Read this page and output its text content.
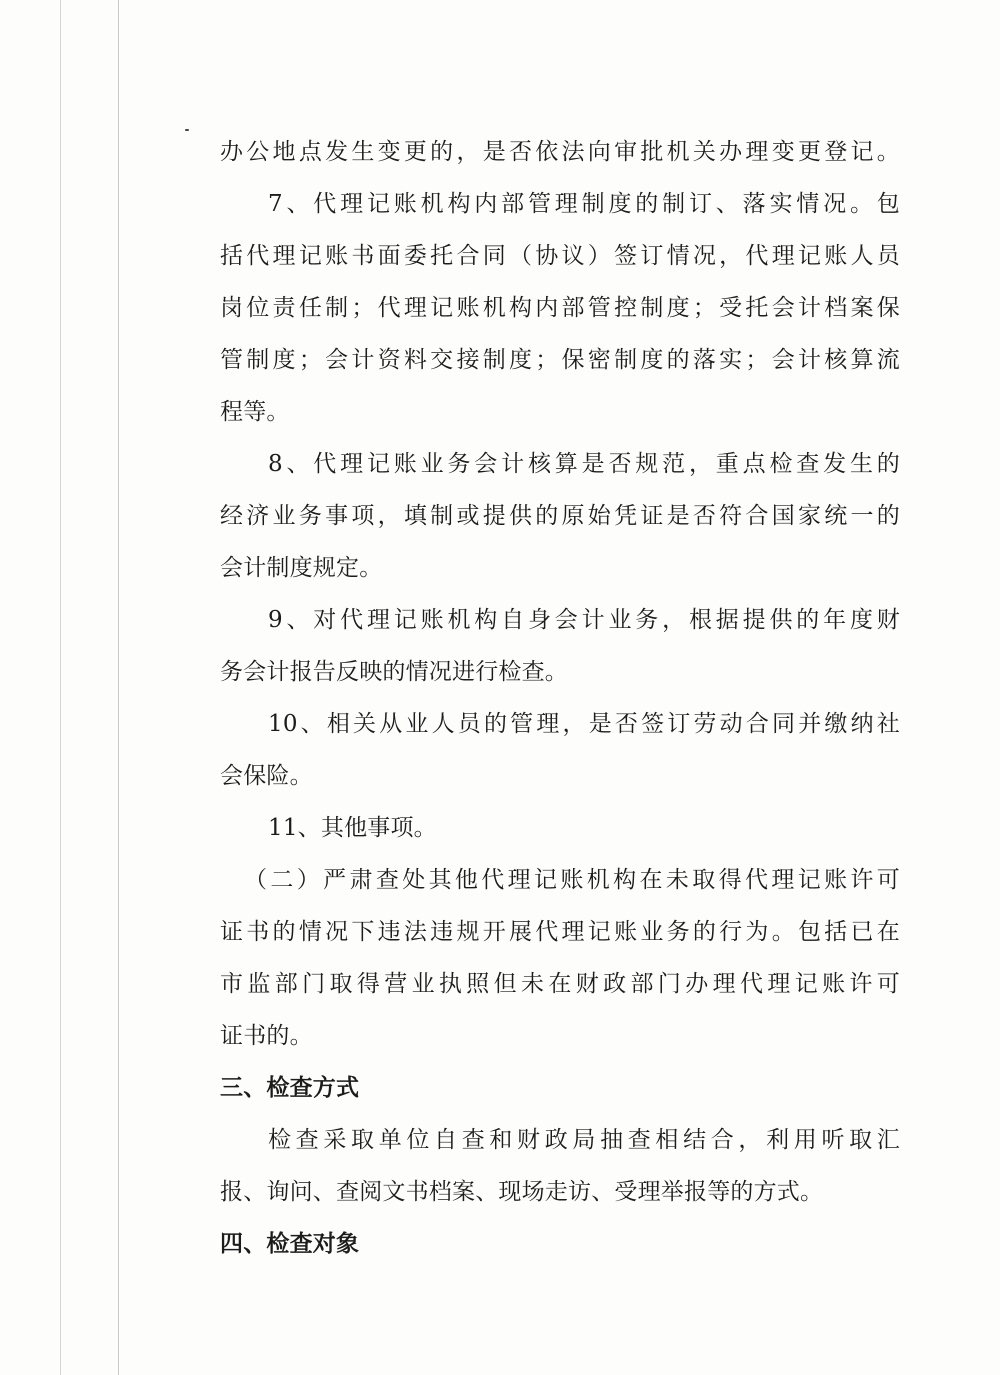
办公地点发生变更的，是否依法向审批机关办理变更登记。
7、代理记账机构内部管理制度的制订、落实情况。包
括代理记账书面委托合同（协议）签订情况，代理记账人员
岗位责任制；代理记账机构内部管控制度；受托会计档案保
管制度；会计资料交接制度；保密制度的落实；会计核算流
程等。
8、代理记账业务会计核算是否规范，重点检查发生的
经济业务事项，填制或提供的原始凭证是否符合国家统一的
会计制度规定。
9、对代理记账机构自身会计业务，根据提供的年度财
务会计报告反映的情况进行检查。
10、相关从业人员的管理，是否签订劳动合同并缴纳社
会保险。
11、其他事项。
（二）严肃查处其他代理记账机构在未取得代理记账许可
证书的情况下违法违规开展代理记账业务的行为。包括已在
市监部门取得营业执照但未在财政部门办理代理记账许可
证书的。
三、检查方式
检查采取单位自查和财政局抽查相结合，利用听取汇
报、询问、查阅文书档案、现场走访、受理举报等的方式。
四、检查对象
